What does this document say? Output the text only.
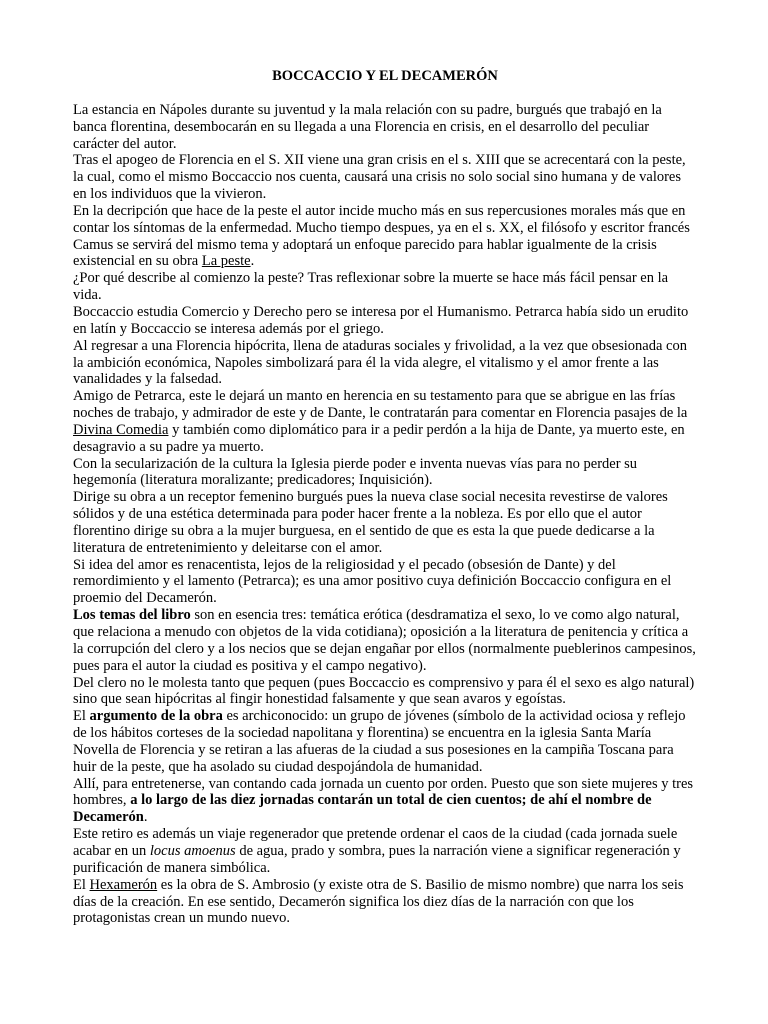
BOCCACCIO Y EL DECAMERÓN

La estancia en Nápoles durante su juventud y la mala relación con su padre, burgués que trabajó en la banca florentina, desembocarán en su llegada a una Florencia en crisis, en el desarrollo del peculiar carácter del autor.

Tras el apogeo de Florencia en el S. XII viene una gran crisis en el s. XIII que se acrecentará con la peste, la cual, como el mismo Boccaccio nos cuenta, causará una crisis no solo social sino humana y de valores en los individuos que la vivieron.

En la decripción que hace de la peste el autor incide mucho más en sus repercusiones morales más que en contar los síntomas de la enfermedad. Mucho tiempo despues, ya en el s. XX, el filósofo y escritor francés Camus se servirá del mismo tema y adoptará un enfoque parecido para hablar igualmente de la crisis existencial en su obra La peste.

¿Por qué describe al comienzo la peste? Tras reflexionar sobre la muerte se hace más fácil pensar en la vida.

Boccaccio estudia Comercio y Derecho pero se interesa por el Humanismo. Petrarca había sido un erudito en latín y Boccaccio se interesa además por el griego.

Al regresar a una Florencia hipócrita, llena de ataduras sociales y frivolidad, a la vez que obsesionada con la ambición económica, Napoles simbolizará para él la vida alegre, el vitalismo y el amor frente a las vanalidades y la falsedad.

Amigo de Petrarca, este le dejará un manto en herencia en su testamento para que se abrigue en las frías noches de trabajo, y admirador de este y de Dante, le contratarán para comentar en Florencia pasajes de la Divina Comedia y también como diplomático para ir a pedir perdón a la hija de Dante, ya muerto este, en desagravio a su padre ya muerto.

Con la secularización de la cultura la Iglesia pierde poder e inventa nuevas vías para no perder su hegemonía (literatura moralizante; predicadores; Inquisición).

Dirige su obra a un receptor femenino burgués pues la nueva clase social necesita revestirse de valores sólidos y de una estética determinada para poder hacer frente a la nobleza. Es por ello que el autor florentino dirige su obra a la mujer burguesa, en el sentido de que es esta la que puede dedicarse a la literatura de entretenimiento y deleitarse con el amor.

Si idea del amor es renacentista, lejos de la religiosidad y el pecado (obsesión de Dante) y del remordimiento y el lamento (Petrarca); es una amor positivo cuya definición Boccaccio configura en el proemio del Decamerón.

Los temas del libro son en esencia tres: temática erótica (desdramatiza el sexo, lo ve como algo natural, que relaciona a menudo con objetos de la vida cotidiana); oposición a la literatura de penitencia y crítica a la corrupción del clero y a los necios que se dejan engañar por ellos (normalmente pueblerinos campesinos, pues para el autor la ciudad es positiva y el campo negativo).

Del clero no le molesta tanto que pequen (pues Boccaccio es comprensivo y para él el sexo es algo natural) sino que sean hipócritas al fingir honestidad falsamente y que sean avaros y egoístas.

El argumento de la obra es archiconocido: un grupo de jóvenes (símbolo de la actividad ociosa y reflejo de los hábitos corteses de la sociedad napolitana y florentina) se encuentra en la iglesia Santa María Novella de Florencia y se retiran a las afueras de la ciudad a sus posesiones en la campiña Toscana para huir de la peste, que ha asolado su ciudad despojándola de humanidad.

Allí, para entretenerse, van contando cada jornada un cuento por orden. Puesto que son siete mujeres y tres hombres, a lo largo de las diez jornadas contarán un total de cien cuentos; de ahí el nombre de Decamerón.

Este retiro es además un viaje regenerador que pretende ordenar el caos de la ciudad (cada jornada suele acabar en un locus amoenus de agua, prado y sombra, pues la narración viene a significar regeneración y purificación de manera simbólica.

El Hexamerón es la obra de S. Ambrosio (y existe otra de S. Basilio de mismo nombre) que narra los seis días de la creación. En ese sentido, Decamerón significa los diez días de la narración con que los protagonistas crean un mundo nuevo.
